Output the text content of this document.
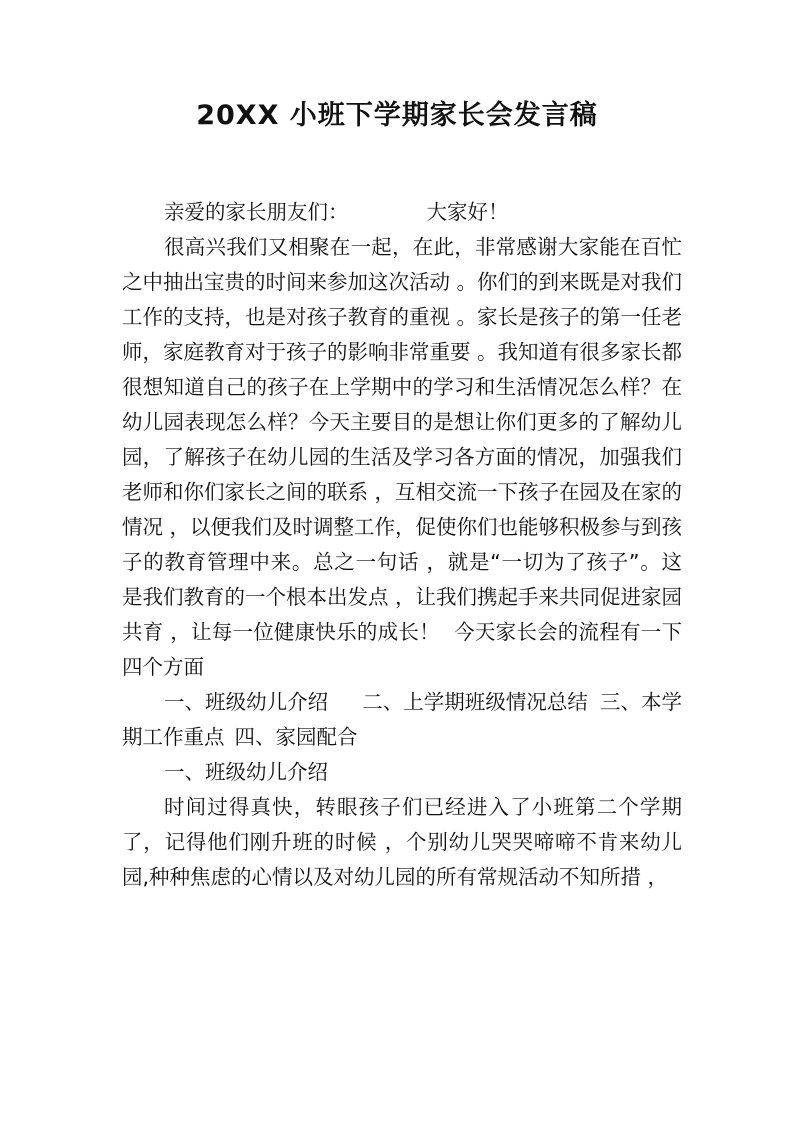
20XX 小班下学期家长会发言稿

亲爱的家长朋友们：	大家好！

很高兴我们又相聚在一起，在此，非常感谢大家能在百忙之中抽出宝贵的时间来参加这次活动 。你们的到来既是对我们工作的支持，也是对孩子教育的重视 。家长是孩子的第一任老师，家庭教育对于孩子的影响非常重要 。我知道有很多家长都很想知道自己的孩子在上学期中的学习和生活情况怎么样？在幼儿园表现怎么样？今天主要目的是想让你们更多的了解幼儿园，了解孩子在幼儿园的生活及学习各方面的情况，加强我们老师和你们家长之间的联系 ，互相交流一下孩子在园及在家的情况 ，以便我们及时调整工作，促使你们也能够积极参与到孩子的教育管理中来。总之一句话 ，就是“一切为了孩子”。这是我们教育的一个根本出发点 ，让我们携起手来共同促进家园共育 ，让每一位健康快乐的成长！ 今天家长会的流程有一下四个方面

一、班级幼儿介绍 二、上学期班级情况总结 三、本学期工作重点 四、家园配合

一、班级幼儿介绍

时间过得真快，转眼孩子们已经进入了小班第二个学期了，记得他们刚升班的时候 ，个别幼儿哭哭啼啼不肯来幼儿园,种种焦虑的心情以及对幼儿园的所有常规活动不知所措 ，
